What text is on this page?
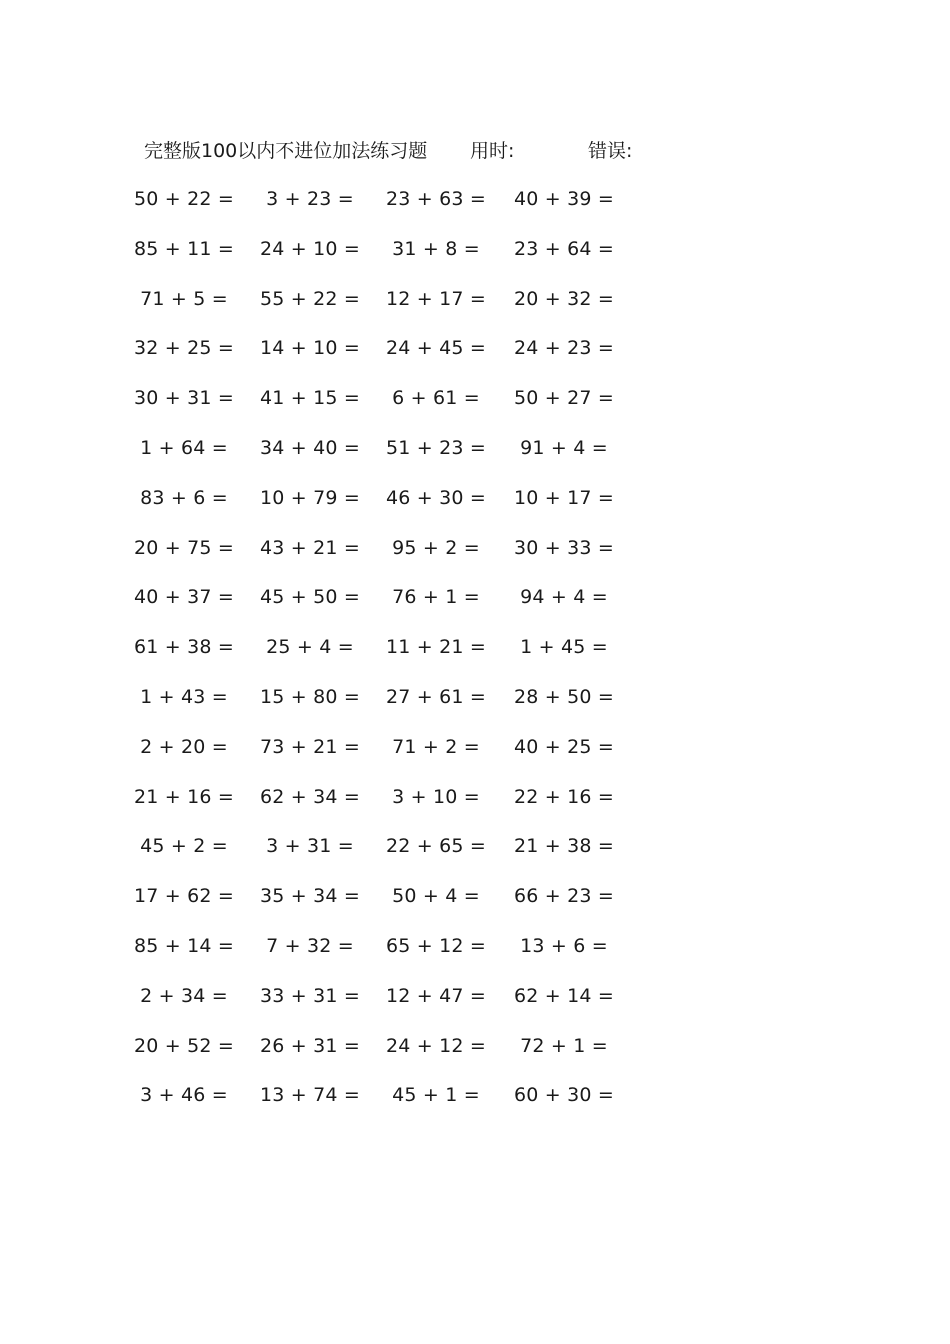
完整版100以内不进位加法练习题 用时:	错误:
50 + 22 =	3 + 23 =	23 + 63 = 40 + 39 =
85 + 11 = 24 + 10 =	31 + 8 =	23 + 64 =
71 + 5 =	55 + 22 = 12 + 17 = 20 + 32 =
32 + 25 = 14 + 10 = 24 + 45 = 24 + 23 =
30 + 31 = 41 + 15 =	6 + 61 =	50 + 27 =
1 + 64 =	34 + 40 = 51 + 23 =	91 + 4 =
83 + 6 =	10 + 79 = 46 + 30 = 10 + 17 =
20 + 75 = 43 + 21 =	95 + 2 =	30 + 33 =
40 + 37 = 45 + 50 =	76 + 1 =	94 + 4 =
61 + 38 =	25 + 4 =	11 + 21 =	1 + 45 =
1 + 43 =	15 + 80 = 27 + 61 = 28 + 50 =
2 + 20 =	73 + 21 =	71 + 2 =	40 + 25 =
21 + 16 = 62 + 34 =	3 + 10 =	22 + 16 =
45 + 2 =	3 + 31 =	22 + 65 = 21 + 38 =
17 + 62 = 35 + 34 =	50 + 4 =	66 + 23 =
85 + 14 =	7 + 32 =	65 + 12 =	13 + 6 =
2 + 34 =	33 + 31 = 12 + 47 = 62 + 14 =
20 + 52 = 26 + 31 = 24 + 12 =	72 + 1 =
3 + 46 =	13 + 74 =	45 + 1 =	60 + 30 =
